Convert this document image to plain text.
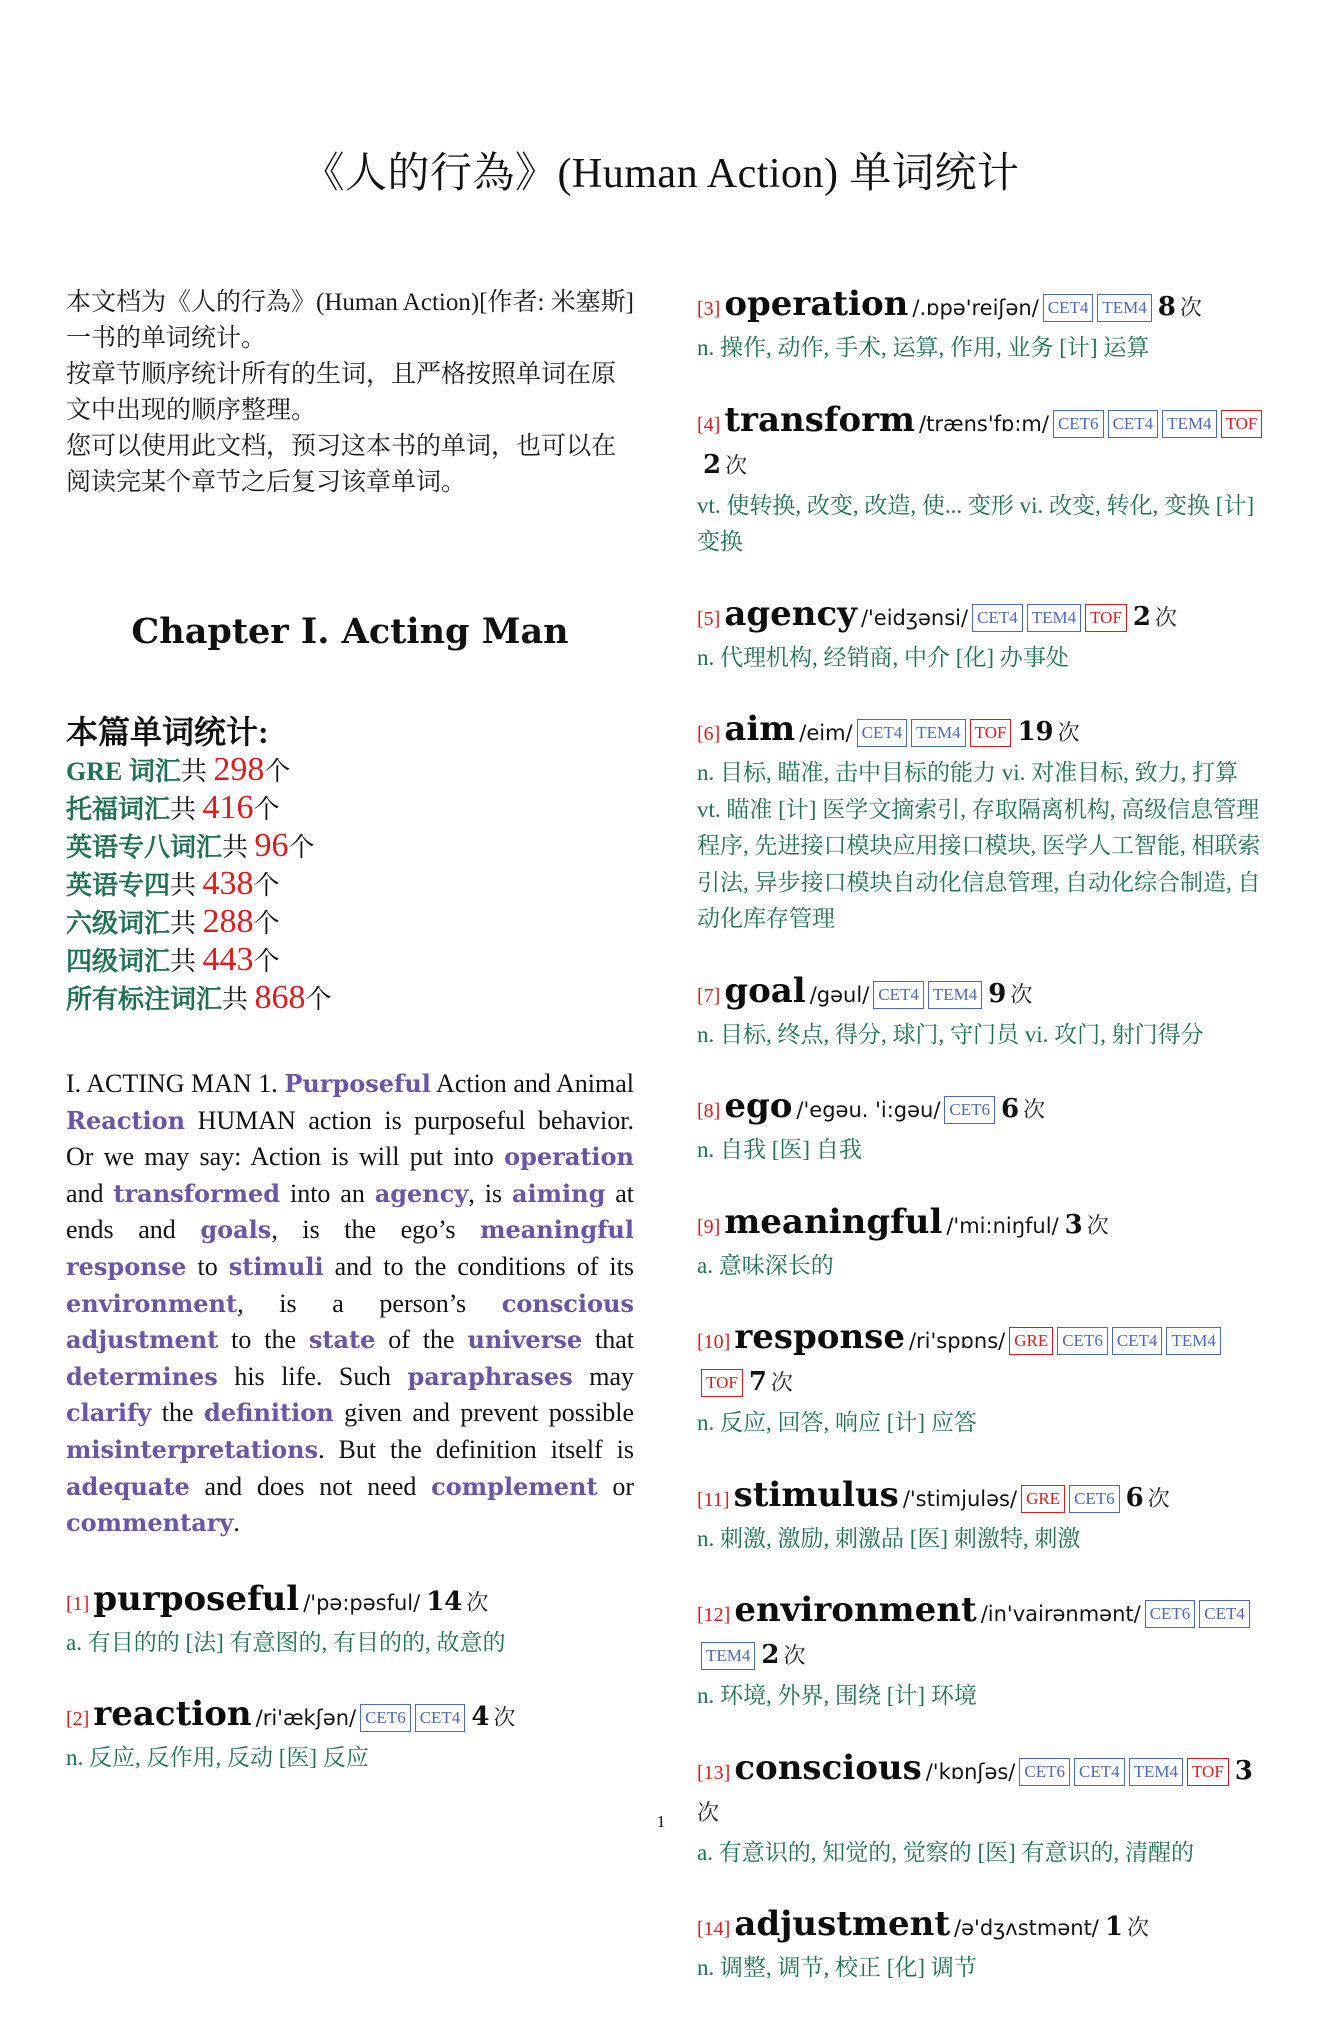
《人的行為》(Human Action) 单词统计

本文档为《人的行為》(Human Action)[作者: 米塞斯] 一书的单词统计。

按章节顺序统计所有的生词，且严格按照单词在原文中出现的顺序整理。

您可以使用此文档，预习这本书的单词，也可以在阅读完某个章节之后复习该章单词。

Chapter I. Acting Man
本篇单词统计:
GRE 词汇共 298个
托福词汇共 416个
英语专八词汇共 96个
英语专四共 438个
六级词汇共 288个
四级词汇共 443个
所有标注词汇共 868个
I. ACTING MAN 1. Purposeful Action and Animal Reaction HUMAN action is purposeful behavior. Or we may say: Action is will put into operation and transformed into an agency, is aiming at ends and goals, is the ego’s meaningful response to stimuli and to the conditions of its environment, is a person’s conscious adjustment to the state of the universe that determines his life. Such paraphrases may clarify the definition given and prevent possible misinterpretations. But the definition itself is adequate and does not need complement or commentary.
[1] purposeful /'pə:pəsful/ 14 次
a. 有目的的 [法] 有意图的, 有目的的, 故意的
[2] reaction /ri'ækʃən/ CET6 CET4 4 次
n. 反应, 反作用, 反动 [医] 反应
[3] operation /.ɒpə'reiʃən/ CET4 TEM4 8 次
n. 操作, 动作, 手术, 运算, 作用, 业务 [计] 运算
[4] transform /træns'fɒ:m/ CET6 CET4 TEM4 TOF2 次
vt. 使转换, 改变, 改造, 使... 变形 vi. 改变, 转化, 变换 [计] 变换
[5] agency /'eidʒənsi/ CET4 TEM4 TOF 2 次
n. 代理机构, 经销商, 中介 [化] 办事处
[6] aim /eim/ CET4 TEM4 TOF 19 次
n. 目标, 瞄准, 击中目标的能力 vi. 对准目标, 致力, 打算 vt. 瞄准 [计] 医学文摘索引, 存取隔离机构, 高级信息管理程序, 先进接口模块应用接口模块, 医学人工智能, 相联索引法, 异步接口模块自动化信息管理, 自动化综合制造, 自动化库存管理
[7] goal /gəul/ CET4 TEM4 9 次
n. 目标, 终点, 得分, 球门, 守门员 vi. 攻门, 射门得分
[8] ego /'egəu. 'i:gəu/ CET6 6 次
n. 自我 [医] 自我
[9] meaningful /'mi:niŋful/ 3 次
a. 意味深长的
[10] response /ri'spɒns/ GRE CET6 CET4 TEM4TOF 7 次
n. 反应, 回答, 响应 [计] 应答
[11] stimulus /'stimjuləs/ GRE CET6 6 次
n. 刺激, 激励, 刺激品 [医] 刺激特, 刺激
[12] environment /in'vairənmənt/ CET6 CET4TEM4 2 次
n. 环境, 外界, 围绕 [计] 环境
[13] conscious /'kɒnʃəs/ CET6 CET4 TEM4 TOF 3 次
a. 有意识的, 知觉的, 觉察的 [医] 有意识的, 清醒的
[14] adjustment /ə'dʒʌstmənt/ 1 次
n. 调整, 调节, 校正 [化] 调节
1
